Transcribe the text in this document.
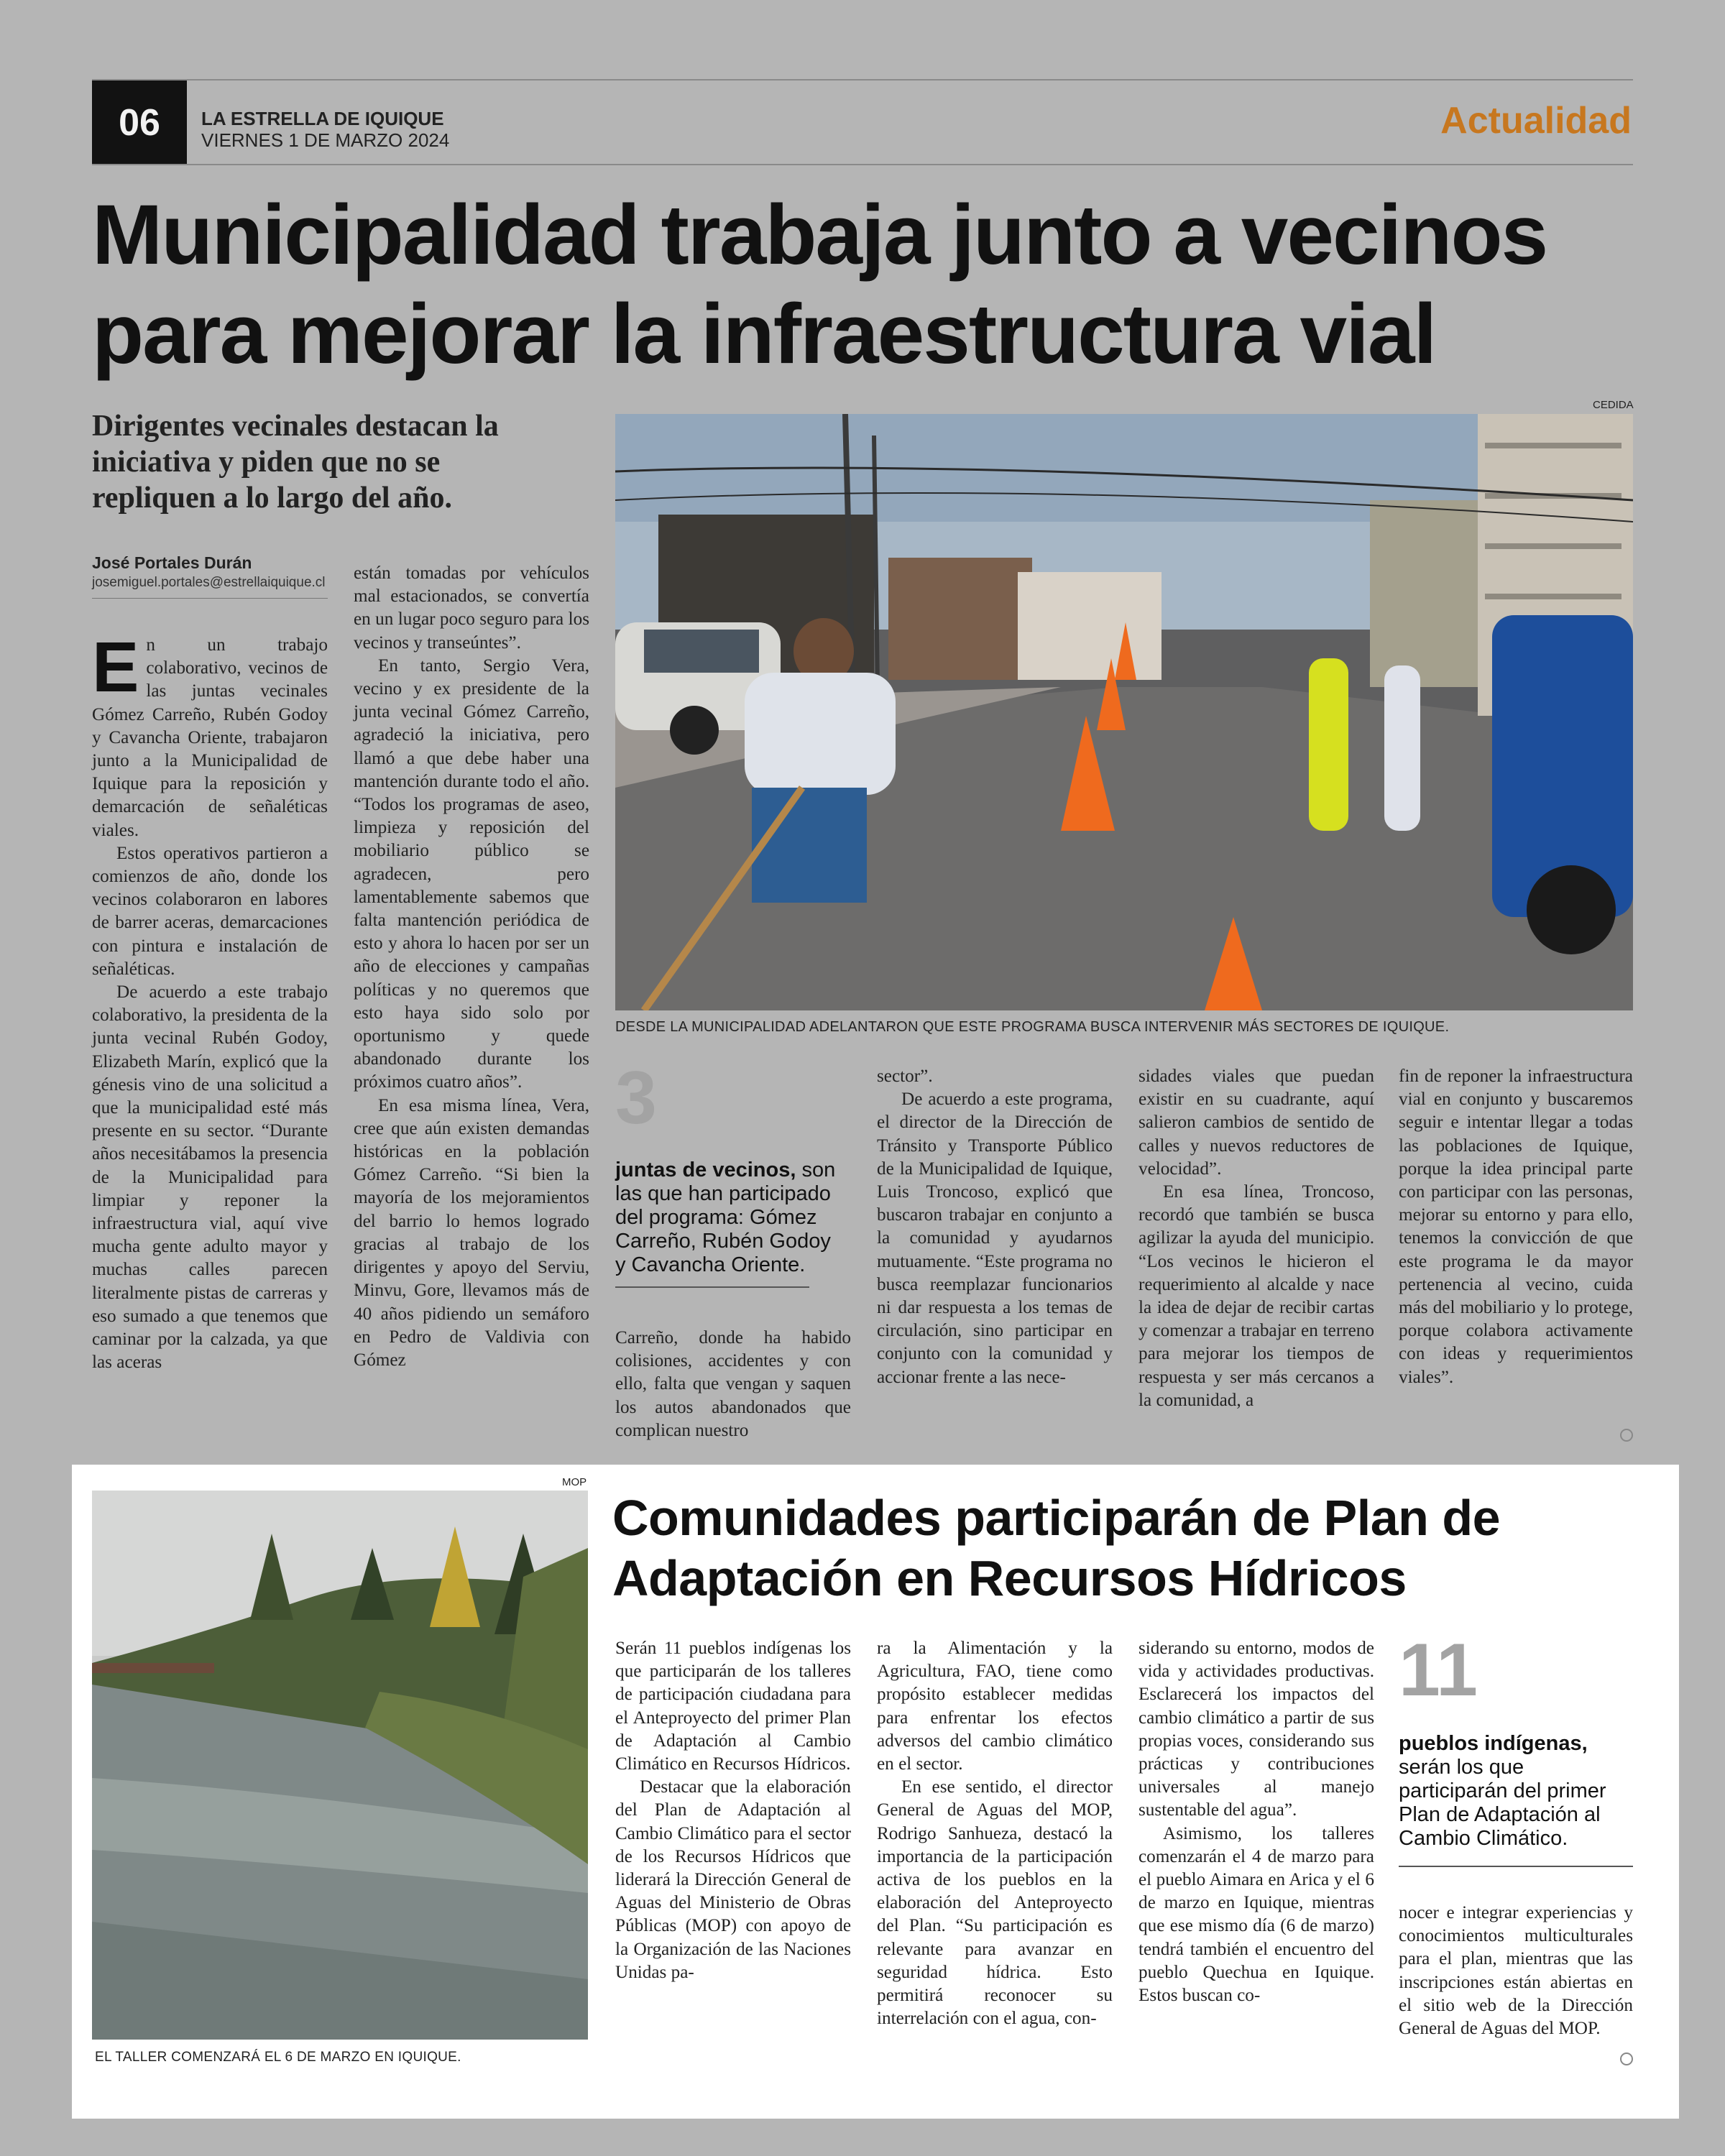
06	LA ESTRELLA DE IQUIQUE
VIERNES 1 DE MARZO 2024	Actualidad
Municipalidad trabaja junto a vecinos para mejorar la infraestructura vial
Dirigentes vecinales destacan la iniciativa y piden que no se repliquen a lo largo del año.
José Portales Durán
josemiguel.portales@estrellaiquique.cl
CEDIDA
DESDE LA MUNICIPALIDAD ADELANTARON QUE ESTE PROGRAMA BUSCA INTERVENIR MÁS SECTORES DE IQUIQUE.
E n un trabajo colaborativo, vecinos de las juntas vecinales Gómez Carreño, Rubén Godoy y Cavancha Oriente, trabajaron junto a la Municipalidad de Iquique para la reposición y demarcación de señaléticas viales.

Estos operativos partieron a comienzos de año, donde los vecinos colaboraron en labores de barrer aceras, demarcaciones con pintura e instalación de señaléticas.

De acuerdo a este trabajo colaborativo, la presidenta de la junta vecinal Rubén Godoy, Elizabeth Marín, explicó que la génesis vino de una solicitud a que la municipalidad esté más presente en su sector. “Durante años necesitábamos la presencia de la Municipalidad para limpiar y reponer la infraestructura vial, aquí vive mucha gente adulto mayor y muchas calles parecen literalmente pistas de carreras y eso sumado a que tenemos que caminar por la calzada, ya que las aceras

están tomadas por vehículos mal estacionados, se convertía en un lugar poco seguro para los vecinos y transeúntes”.

En tanto, Sergio Vera, vecino y ex presidente de la junta vecinal Gómez Carreño, agradeció la iniciativa, pero llamó a que debe haber una mantención durante todo el año. “Todos los programas de aseo, limpieza y reposición del mobiliario público se agradecen, pero lamentablemente sabemos que falta mantención periódica de esto y ahora lo hacen por ser un año de elecciones y campañas políticas y no queremos que esto haya sido solo por oportunismo y quede abandonado durante los próximos cuatro años”.

En esa misma línea, Vera, cree que aún existen demandas históricas en la población Gómez Carreño. “Si bien la mayoría de los mejoramientos del barrio lo hemos logrado gracias al trabajo de los dirigentes y apoyo del Serviu, Minvu, Gore, llevamos más de 40 años pidiendo un semáforo en Pedro de Valdivia con Gómez

3
juntas de vecinos, son las que han participado del programa: Gómez Carreño, Rubén Godoy y Cavancha Oriente.

Carreño, donde ha habido colisiones, accidentes y con ello, falta que vengan y saquen los autos abandonados que complican nuestro

sector”.

De acuerdo a este programa, el director de la Dirección de Tránsito y Transporte Público de la Municipalidad de Iquique, Luis Troncoso, explicó que buscaron trabajar en conjunto a la comunidad y ayudarnos mutuamente. “Este programa no busca reemplazar funcionarios ni dar respuesta a los temas de circulación, sino participar en conjunto con la comunidad y accionar frente a las nece-

sidades viales que puedan existir en su cuadrante, aquí salieron cambios de sentido de calles y nuevos reductores de velocidad”.

En esa línea, Troncoso, recordó que también se busca agilizar la ayuda del municipio. “Los vecinos le hicieron el requerimiento al alcalde y nace la idea de dejar de recibir cartas y comenzar a trabajar en terreno para mejorar los tiempos de respuesta y ser más cercanos a la comunidad, a

fin de reponer la infraestructura vial en conjunto y buscaremos seguir e intentar llegar a todas las poblaciones de Iquique, porque la idea principal parte con participar con las personas, mejorar su entorno y para ello, tenemos la convicción de que este programa le da mayor pertenencia al vecino, cuida más del mobiliario y lo protege, porque colabora activamente con ideas y requerimientos viales”.

MOP
EL TALLER COMENZARÁ EL 6 DE MARZO EN IQUIQUE.
Comunidades participarán de Plan de Adaptación en Recursos Hídricos

Serán 11 pueblos indígenas los que participarán de los talleres de participación ciudadana para el Anteproyecto del primer Plan de Adaptación al Cambio Climático en Recursos Hídricos.

Destacar que la elaboración del Plan de Adaptación al Cambio Climático para el sector de los Recursos Hídricos que liderará la Dirección General de Aguas del Ministerio de Obras Públicas (MOP) con apoyo de la Organización de las Naciones Unidas pa-

ra la Alimentación y la Agricultura, FAO, tiene como propósito establecer medidas para enfrentar los efectos adversos del cambio climático en el sector.

En ese sentido, el director General de Aguas del MOP, Rodrigo Sanhueza, destacó la importancia de la participación activa de los pueblos en la elaboración del Anteproyecto del Plan. “Su participación es relevante para avanzar en seguridad hídrica. Esto permitirá reconocer su interrelación con el agua, con-

siderando su entorno, modos de vida y actividades productivas. Esclarecerá los impactos del cambio climático a partir de sus propias voces, considerando sus prácticas y contribuciones universales al manejo sustentable del agua”.

Asimismo, los talleres comenzarán el 4 de marzo para el pueblo Aimara en Arica y el 6 de marzo en Iquique, mientras que ese mismo día (6 de marzo) tendrá también el encuentro del pueblo Quechua en Iquique. Estos buscan co-

11
pueblos indígenas, serán los que participarán del primer Plan de Adaptación al Cambio Climático.

nocer e integrar experiencias y conocimientos multiculturales para el plan, mientras que las inscripciones están abiertas en el sitio web de la Dirección General de Aguas del MOP.
